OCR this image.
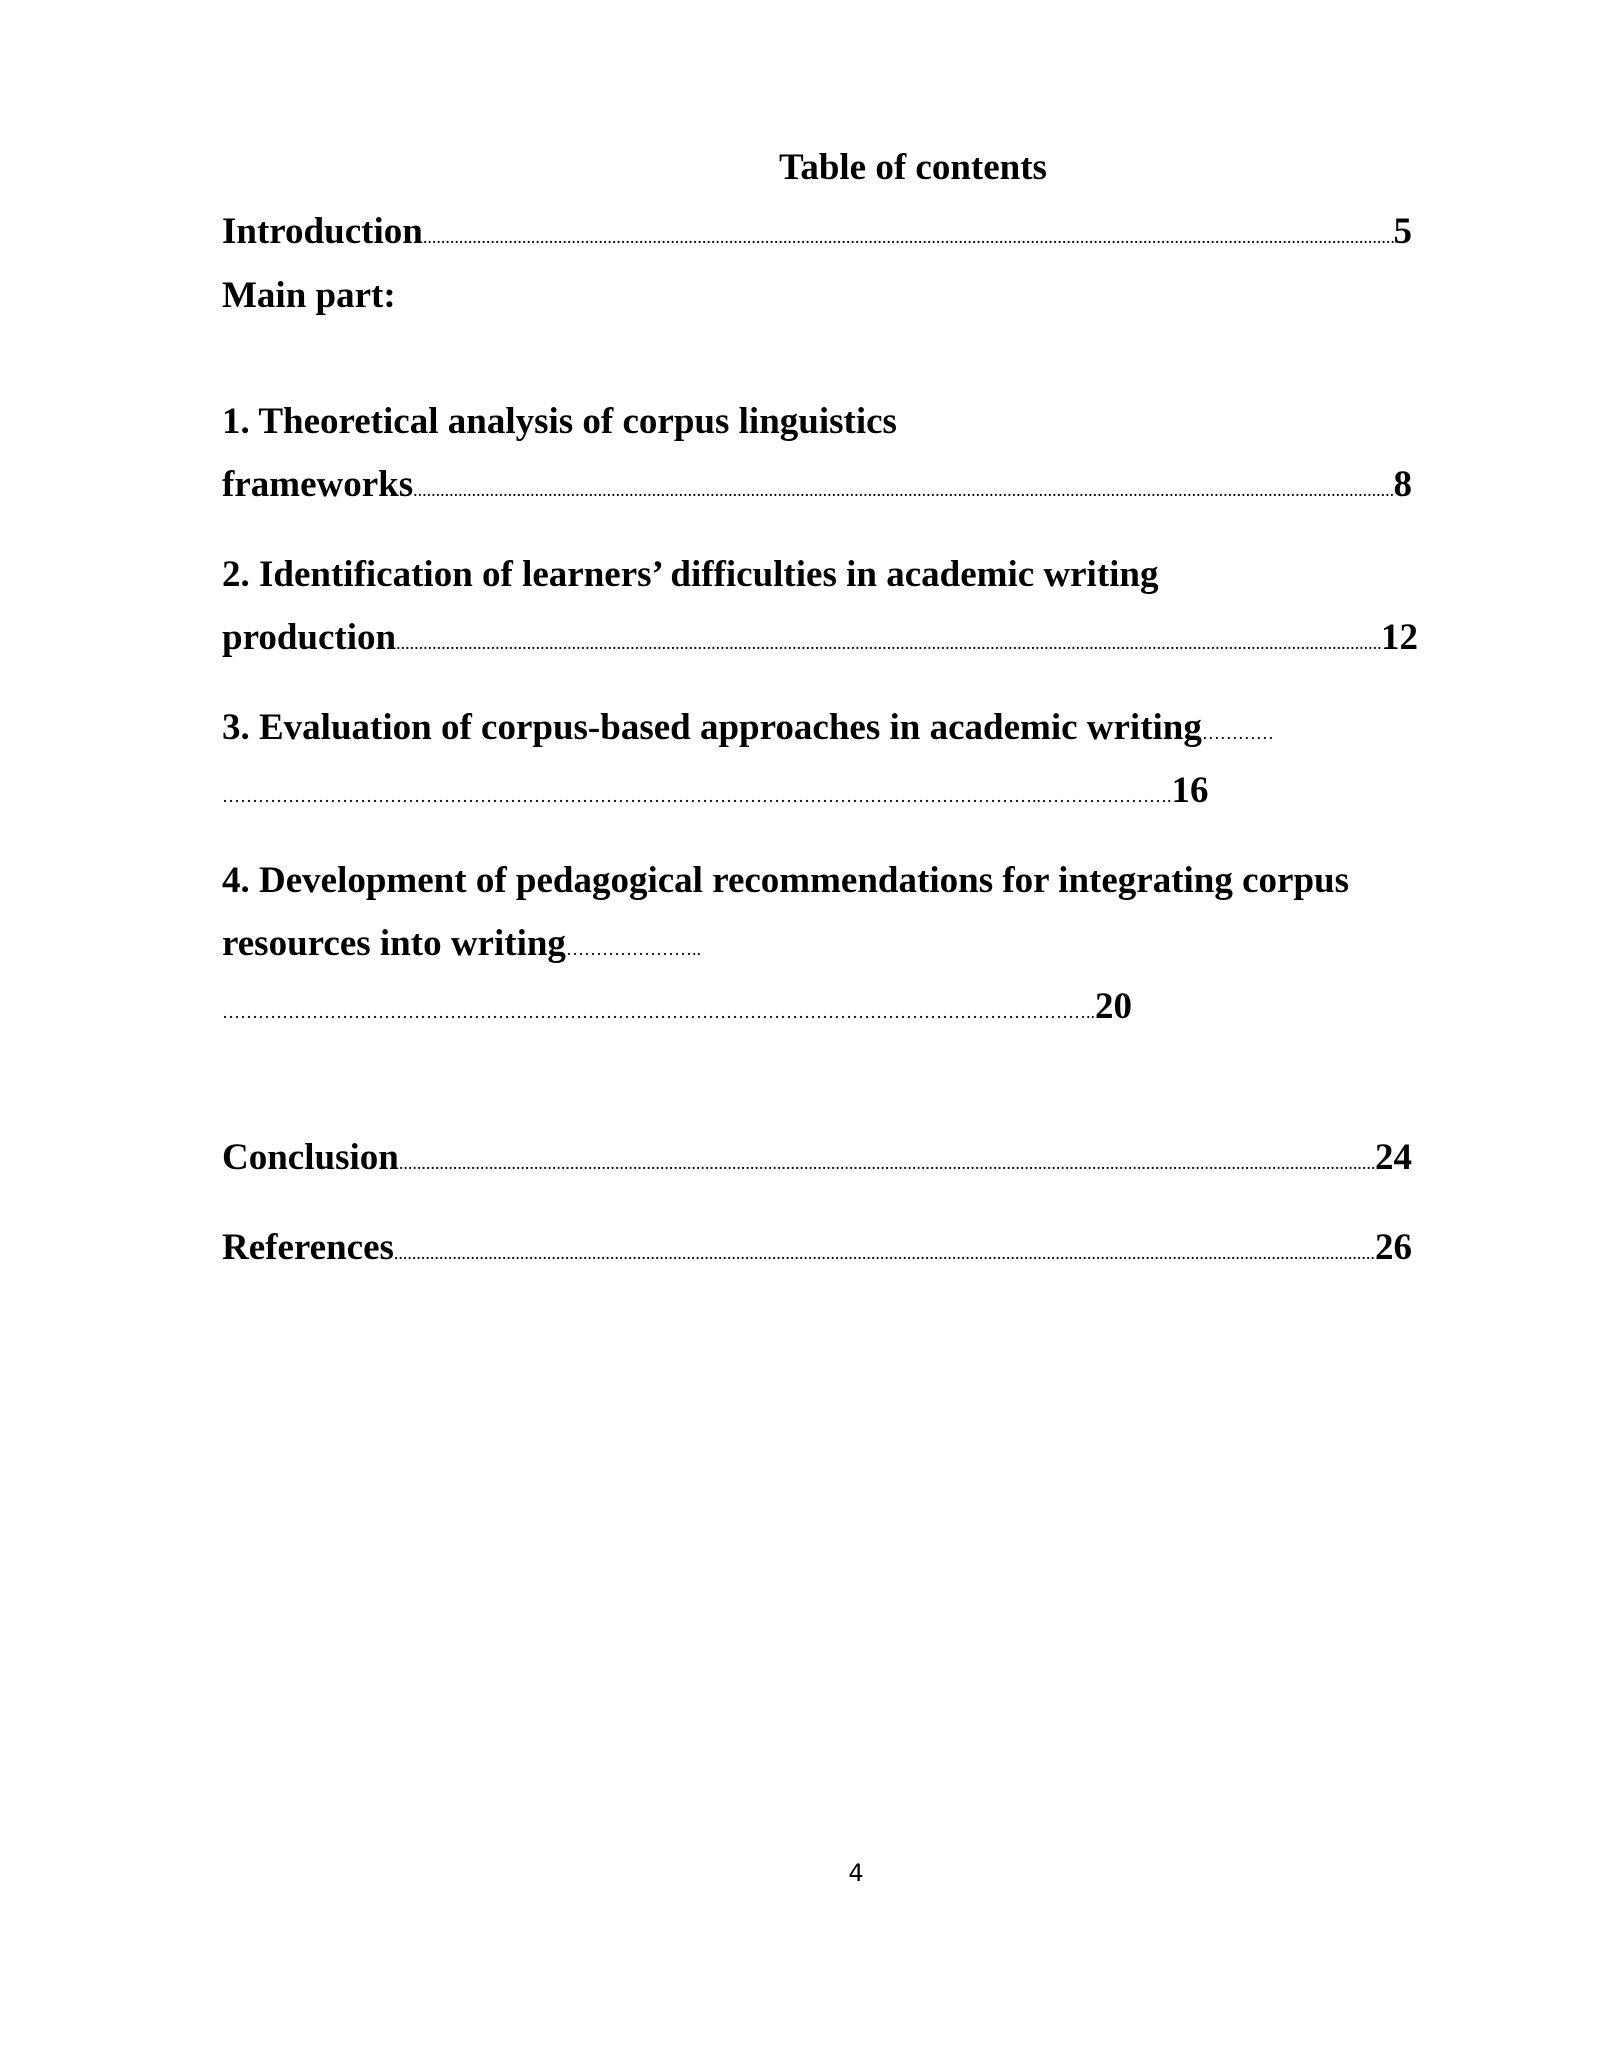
Table of contents
Introduction .....	5
Main part:
1. Theoretical analysis of corpus linguistics
frameworks .....	8
2. Identification of learners’ difficulties in academic writing
production .....	12
3. Evaluation of corpus-based approaches in academic writing…………
………………………………………………………………………………………………………………………..………………….16
4. Development of pedagogical recommendations for integrating corpus
resources into writing…………………..
………………………………………………………………………………………………………………………………..20
Conclusion .....	24
References .....	26
4
